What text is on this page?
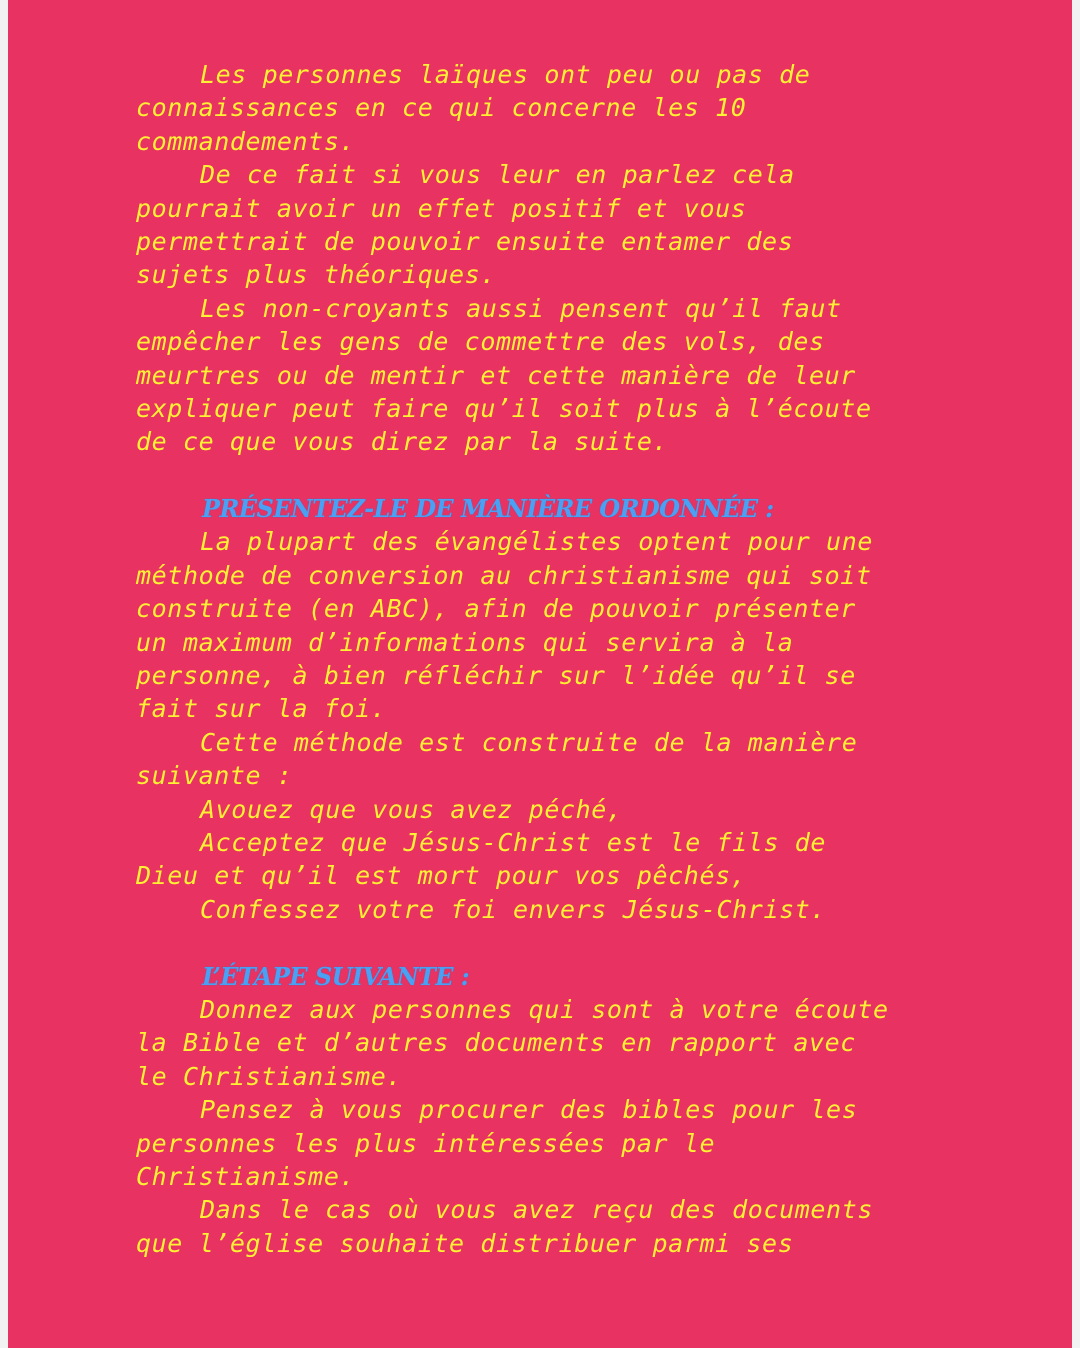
Les personnes laïques ont peu ou pas de
connaissances en ce qui concerne les 10
commandements.
De ce fait si vous leur en parlez cela
pourrait avoir un effet positif et vous
permettrait de pouvoir ensuite entamer des
sujets plus théoriques.
Les non-croyants aussi pensent qu’il faut
empêcher les gens de commettre des vols, des
meurtres ou de mentir et cette manière de leur
expliquer peut faire qu’il soit plus à l’écoute
de ce que vous direz par la suite.
PRÉSENTEZ-LE DE MANIÈRE ORDONNÉE :
La plupart des évangélistes optent pour une
méthode de conversion au christianisme qui soit
construite (en ABC), afin de pouvoir présenter
un maximum d’informations qui servira à la
personne, à bien réfléchir sur l’idée qu’il se
fait sur la foi.
Cette méthode est construite de la manière
suivante :
Avouez que vous avez péché,
Acceptez que Jésus-Christ est le fils de
Dieu et qu’il est mort pour vos pêchés,
Confessez votre foi envers Jésus-Christ.
L’ÉTAPE SUIVANTE :
Donnez aux personnes qui sont à votre écoute
la Bible et d’autres documents en rapport avec
le Christianisme.
Pensez à vous procurer des bibles pour les
personnes les plus intéressées par le
Christianisme.
Dans le cas où vous avez reçu des documents
que l’église souhaite distribuer parmi ses
